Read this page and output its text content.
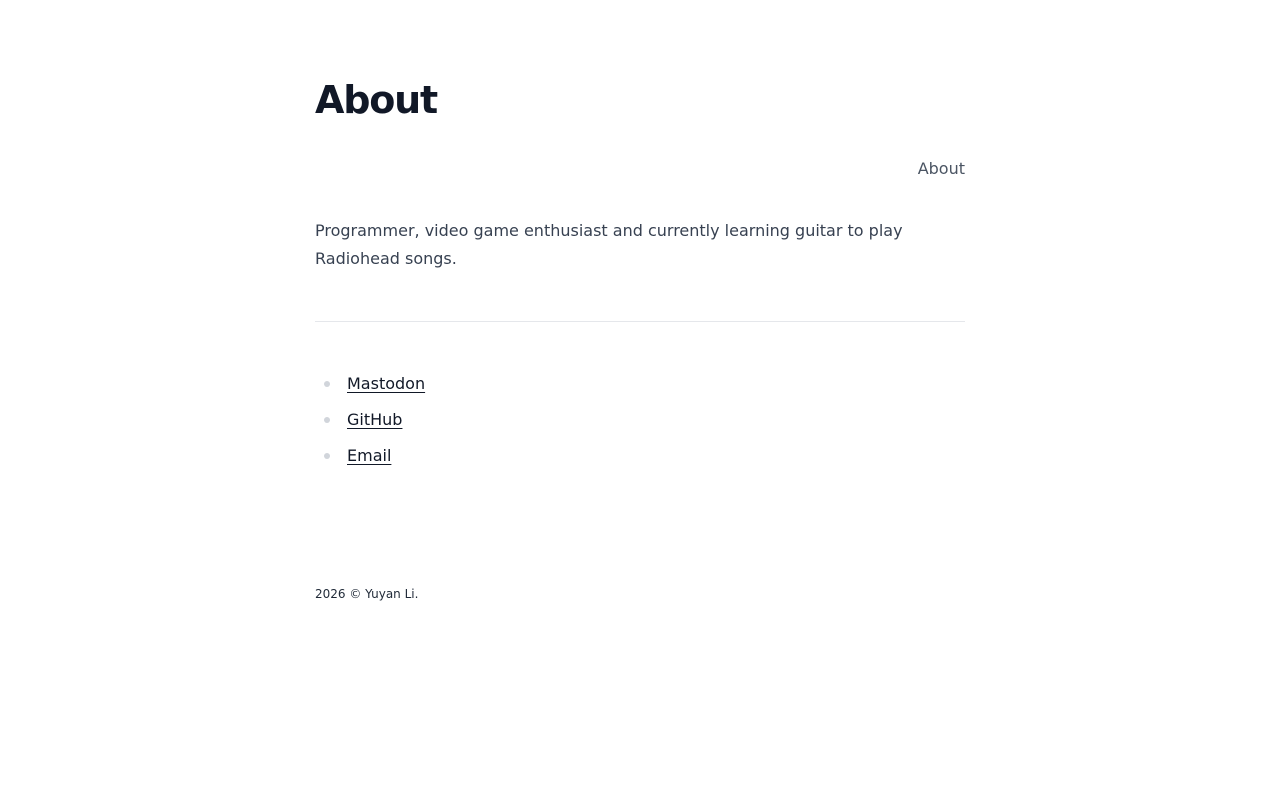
About
About

Programmer, video game enthusiast and currently learning guitar to play Radiohead songs.

Mastodon
GitHub
Email
2026 © Yuyan Li.
